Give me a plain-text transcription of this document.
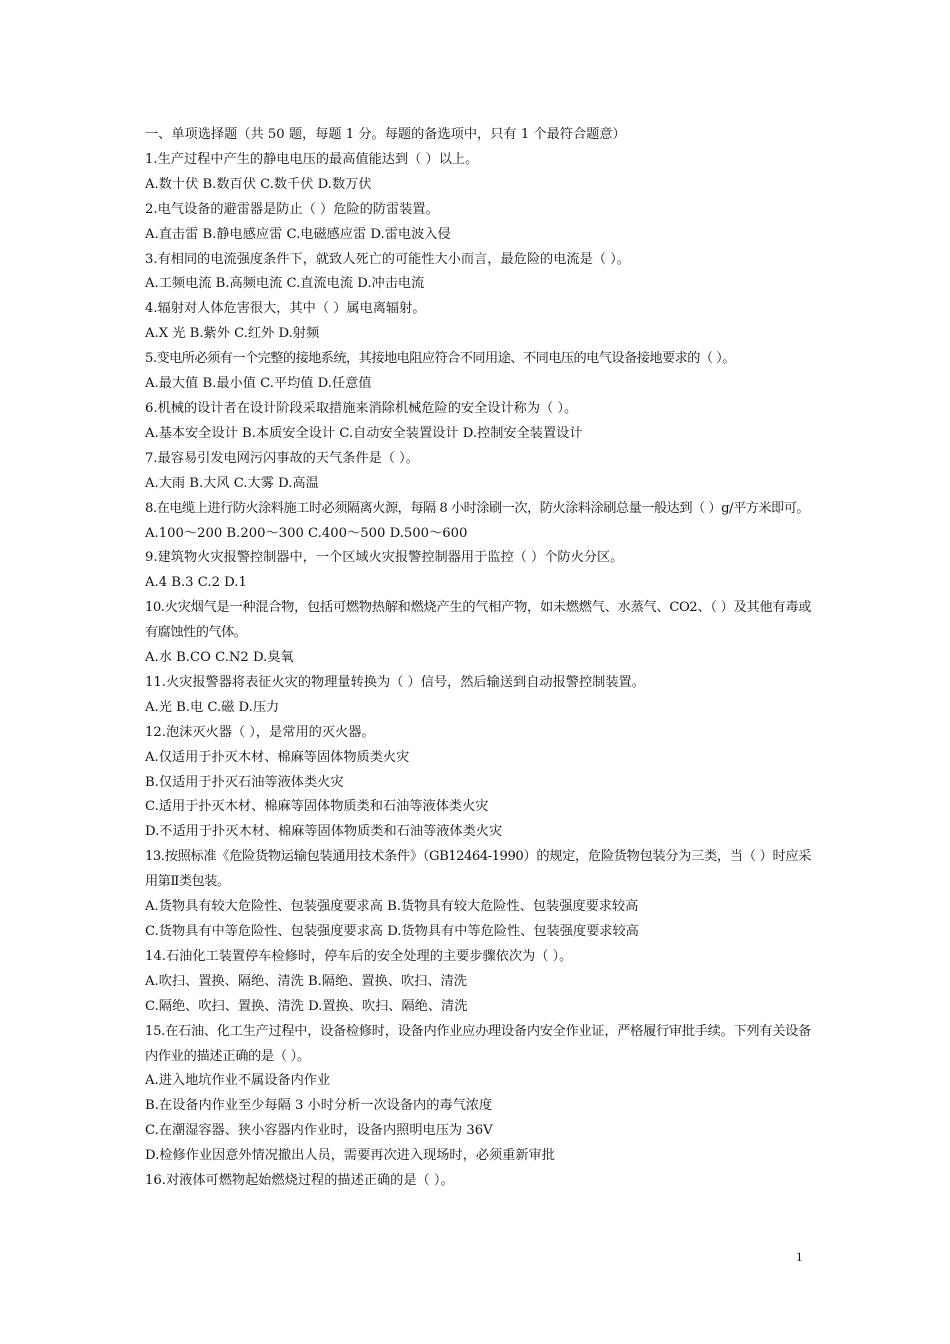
一、单项选择题（共 50 题，每题 1 分。每题的备选项中，只有 1 个最符合题意）
1.生产过程中产生的静电电压的最高值能达到（ ）以上。
A.数十伏 B.数百伏 C.数千伏 D.数万伏
2.电气设备的避雷器是防止（ ）危险的防雷装置。
A.直击雷 B.静电感应雷 C.电磁感应雷 D.雷电波入侵
3.有相同的电流强度条件下，就致人死亡的可能性大小而言，最危险的电流是（ ）。
A.工频电流 B.高频电流 C.直流电流 D.冲击电流
4.辐射对人体危害很大，其中（ ）属电离辐射。
A.X 光 B.紫外 C.红外 D.射频
5.变电所必须有一个完整的接地系统，其接地电阻应符合不同用途、不同电压的电气设备接地要求的（ ）。
A.最大值 B.最小值 C.平均值 D.任意值
6.机械的设计者在设计阶段采取措施来消除机械危险的安全设计称为（ ）。
A.基本安全设计 B.本质安全设计 C.自动安全装置设计 D.控制安全装置设计
7.最容易引发电网污闪事故的天气条件是（ ）。
A.大雨 B.大风 C.大雾 D.高温
8.在电缆上进行防火涂料施工时必须隔离火源，每隔 8 小时涂刷一次，防火涂料涂刷总量一般达到（ ）g/平方米即可。
A.100～200 B.200～300 C.400～500 D.500～600
9.建筑物火灾报警控制器中，一个区域火灾报警控制器用于监控（ ）个防火分区。
A.4 B.3 C.2 D.1
10.火灾烟气是一种混合物，包括可燃物热解和燃烧产生的气相产物，如未燃燃气、水蒸气、CO2、（ ）及其他有毒或有腐蚀性的气体。
A.水 B.CO C.N2 D.臭氧
11.火灾报警器将表征火灾的物理量转换为（ ）信号，然后输送到自动报警控制装置。
A.光 B.电 C.磁 D.压力
12.泡沫灭火器（ ），是常用的灭火器。
A.仅适用于扑灭木材、棉麻等固体物质类火灾
B.仅适用于扑灭石油等液体类火灾
C.适用于扑灭木材、棉麻等固体物质类和石油等液体类火灾
D.不适用于扑灭木材、棉麻等固体物质类和石油等液体类火灾
13.按照标准《危险货物运输包装通用技术条件》（GB12464-1990）的规定，危险货物包装分为三类，当（ ）时应采用第Ⅱ类包装。
A.货物具有较大危险性、包装强度要求高 B.货物具有较大危险性、包装强度要求较高
C.货物具有中等危险性、包装强度要求高 D.货物具有中等危险性、包装强度要求较高
14.石油化工装置停车检修时，停车后的安全处理的主要步骤依次为（ ）。
A.吹扫、置换、隔绝、清洗 B.隔绝、置换、吹扫、清洗
C.隔绝、吹扫、置换、清洗 D.置换、吹扫、隔绝、清洗
15.在石油、化工生产过程中，设备检修时，设备内作业应办理设备内安全作业证，严格履行审批手续。下列有关设备内作业的描述正确的是（ ）。
A.进入地坑作业不属设备内作业
B.在设备内作业至少每隔 3 小时分析一次设备内的毒气浓度
C.在潮湿容器、狭小容器内作业时，设备内照明电压为 36V
D.检修作业因意外情况撤出人员，需要再次进入现场时，必须重新审批
16.对液体可燃物起始燃烧过程的描述正确的是（ ）。
1
